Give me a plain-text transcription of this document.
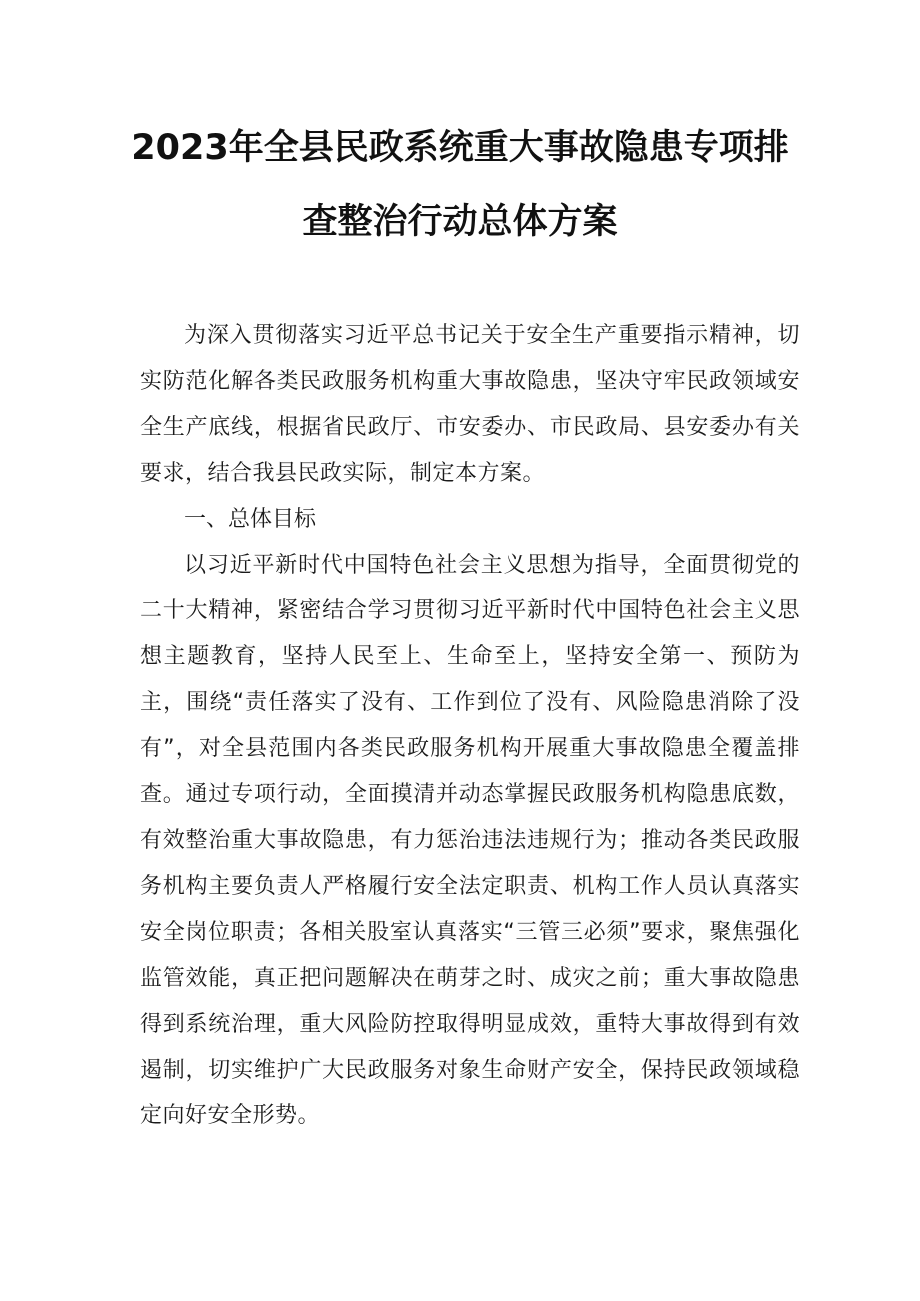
2023年全县民政系统重大事故隐患专项排
查整治行动总体方案

为深入贯彻落实习近平总书记关于安全生产重要指示精神，切实防范化解各类民政服务机构重大事故隐患，坚决守牢民政领域安全生产底线，根据省民政厅、市安委办、市民政局、县安委办有关要求，结合我县民政实际，制定本方案。

一、总体目标

以习近平新时代中国特色社会主义思想为指导，全面贯彻党的二十大精神，紧密结合学习贯彻习近平新时代中国特色社会主义思想主题教育，坚持人民至上、生命至上，坚持安全第一、预防为主，围绕“责任落实了没有、工作到位了没有、风险隐患消除了没有”，对全县范围内各类民政服务机构开展重大事故隐患全覆盖排查。通过专项行动，全面摸清并动态掌握民政服务机构隐患底数，有效整治重大事故隐患，有力惩治违法违规行为；推动各类民政服务机构主要负责人严格履行安全法定职责、机构工作人员认真落实安全岗位职责；各相关股室认真落实“三管三必须”要求，聚焦强化监管效能，真正把问题解决在萌芽之时、成灾之前；重大事故隐患得到系统治理，重大风险防控取得明显成效，重特大事故得到有效遏制，切实维护广大民政服务对象生命财产安全，保持民政领域稳定向好安全形势。
